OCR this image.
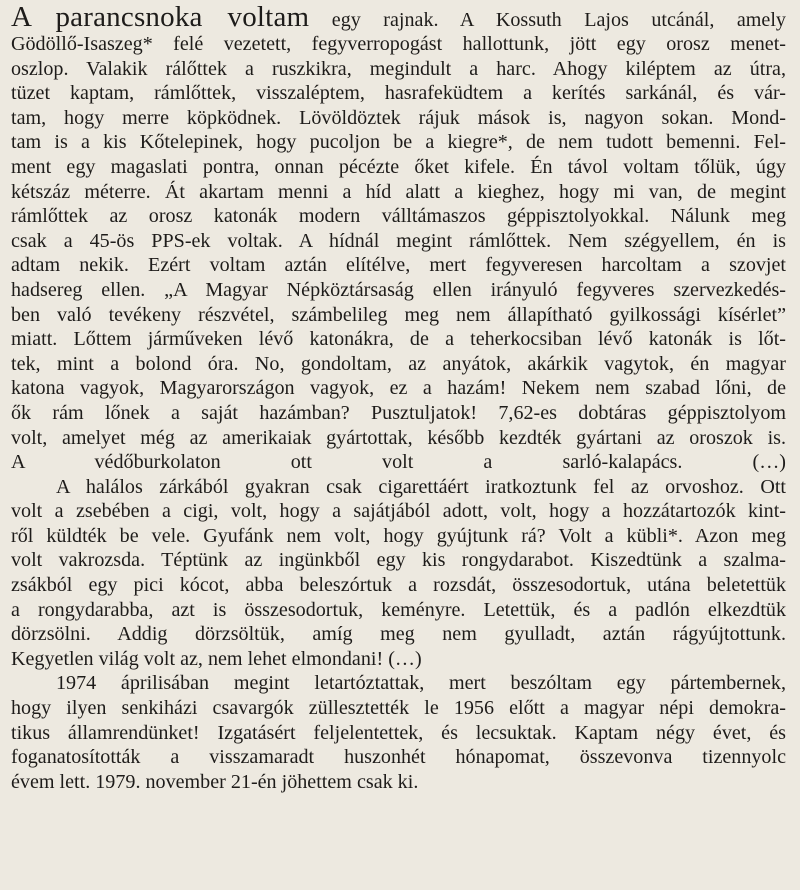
A parancsnoka voltam egy rajnak. A Kossuth Lajos utcánál, amely
Gödöllő-Isaszeg* felé vezetett, fegyverropogást hallottunk, jött egy orosz menet-
oszlop. Valakik rálőttek a ruszkikra, megindult a harc. Ahogy kiléptem az útra,
tüzet kaptam, rámlőttek, visszaléptem, hasrafeküdtem a kerítés sarkánál, és vár-
tam, hogy merre köpködnek. Lövöldöztek rájuk mások is, nagyon sokan. Mond-
tam is a kis Kőtelepinek, hogy pucoljon be a kiegre*, de nem tudott bemenni. Fel-
ment egy magaslati pontra, onnan pécézte őket kifele. Én távol voltam tőlük, úgy
kétszáz méterre. Át akartam menni a híd alatt a kieghez, hogy mi van, de megint
rámlőttek az orosz katonák modern válltámaszos géppisztolyokkal. Nálunk meg
csak a 45-ös PPS-ek voltak. A hídnál megint rámlőttek. Nem szégyellem, én is
adtam nekik. Ezért voltam aztán elítélve, mert fegyveresen harcoltam a szovjet
hadsereg ellen. „A Magyar Népköztársaság ellen irányuló fegyveres szervezkedés-
ben való tevékeny részvétel, számbelileg meg nem állapítható gyilkossági kísérlet”
miatt. Lőttem járműveken lévő katonákra, de a teherkocsiban lévő katonák is lőt-
tek, mint a bolond óra. No, gondoltam, az anyátok, akárkik vagytok, én magyar
katona vagyok, Magyarországon vagyok, ez a hazám! Nekem nem szabad lőni, de
ők rám lőnek a saját hazámban? Pusztuljatok! 7,62-es dobtáras géppisztolyom
volt, amelyet még az amerikaiak gyártottak, később kezdték gyártani az oroszok is.
A védőburkolaton ott volt a sarló-kalapács. (…)

A halálos zárkából gyakran csak cigarettáért iratkoztunk fel az orvoshoz. Ott
volt a zsebében a cigi, volt, hogy a sajátjából adott, volt, hogy a hozzátartozók kint-
ről küldték be vele. Gyufánk nem volt, hogy gyújtunk rá? Volt a kübli*. Azon meg
volt vakrozsda. Téptünk az ingünkből egy kis rongydarabot. Kiszedtünk a szalma-
zsákból egy pici kócot, abba beleszórtuk a rozsdát, összesodortuk, utána beletettük
a rongydarabba, azt is összesodortuk, keményre. Letettük, és a padlón elkezdtük
dörzsölni. Addig dörzsöltük, amíg meg nem gyulladt, aztán rágyújtottunk.
Kegyetlen világ volt az, nem lehet elmondani! (…)

1974 áprilisában megint letartóztattak, mert beszóltam egy pártembernek,
hogy ilyen senkiházi csavargók züllesztették le 1956 előtt a magyar népi demokra-
tikus államrendünket! Izgatásért feljelentettek, és lecsuktak. Kaptam négy évet, és
foganatosították a visszamaradt huszonhét hónapomat, összevonva tizennyolc
évem lett. 1979. november 21-én jöhettem csak ki.
